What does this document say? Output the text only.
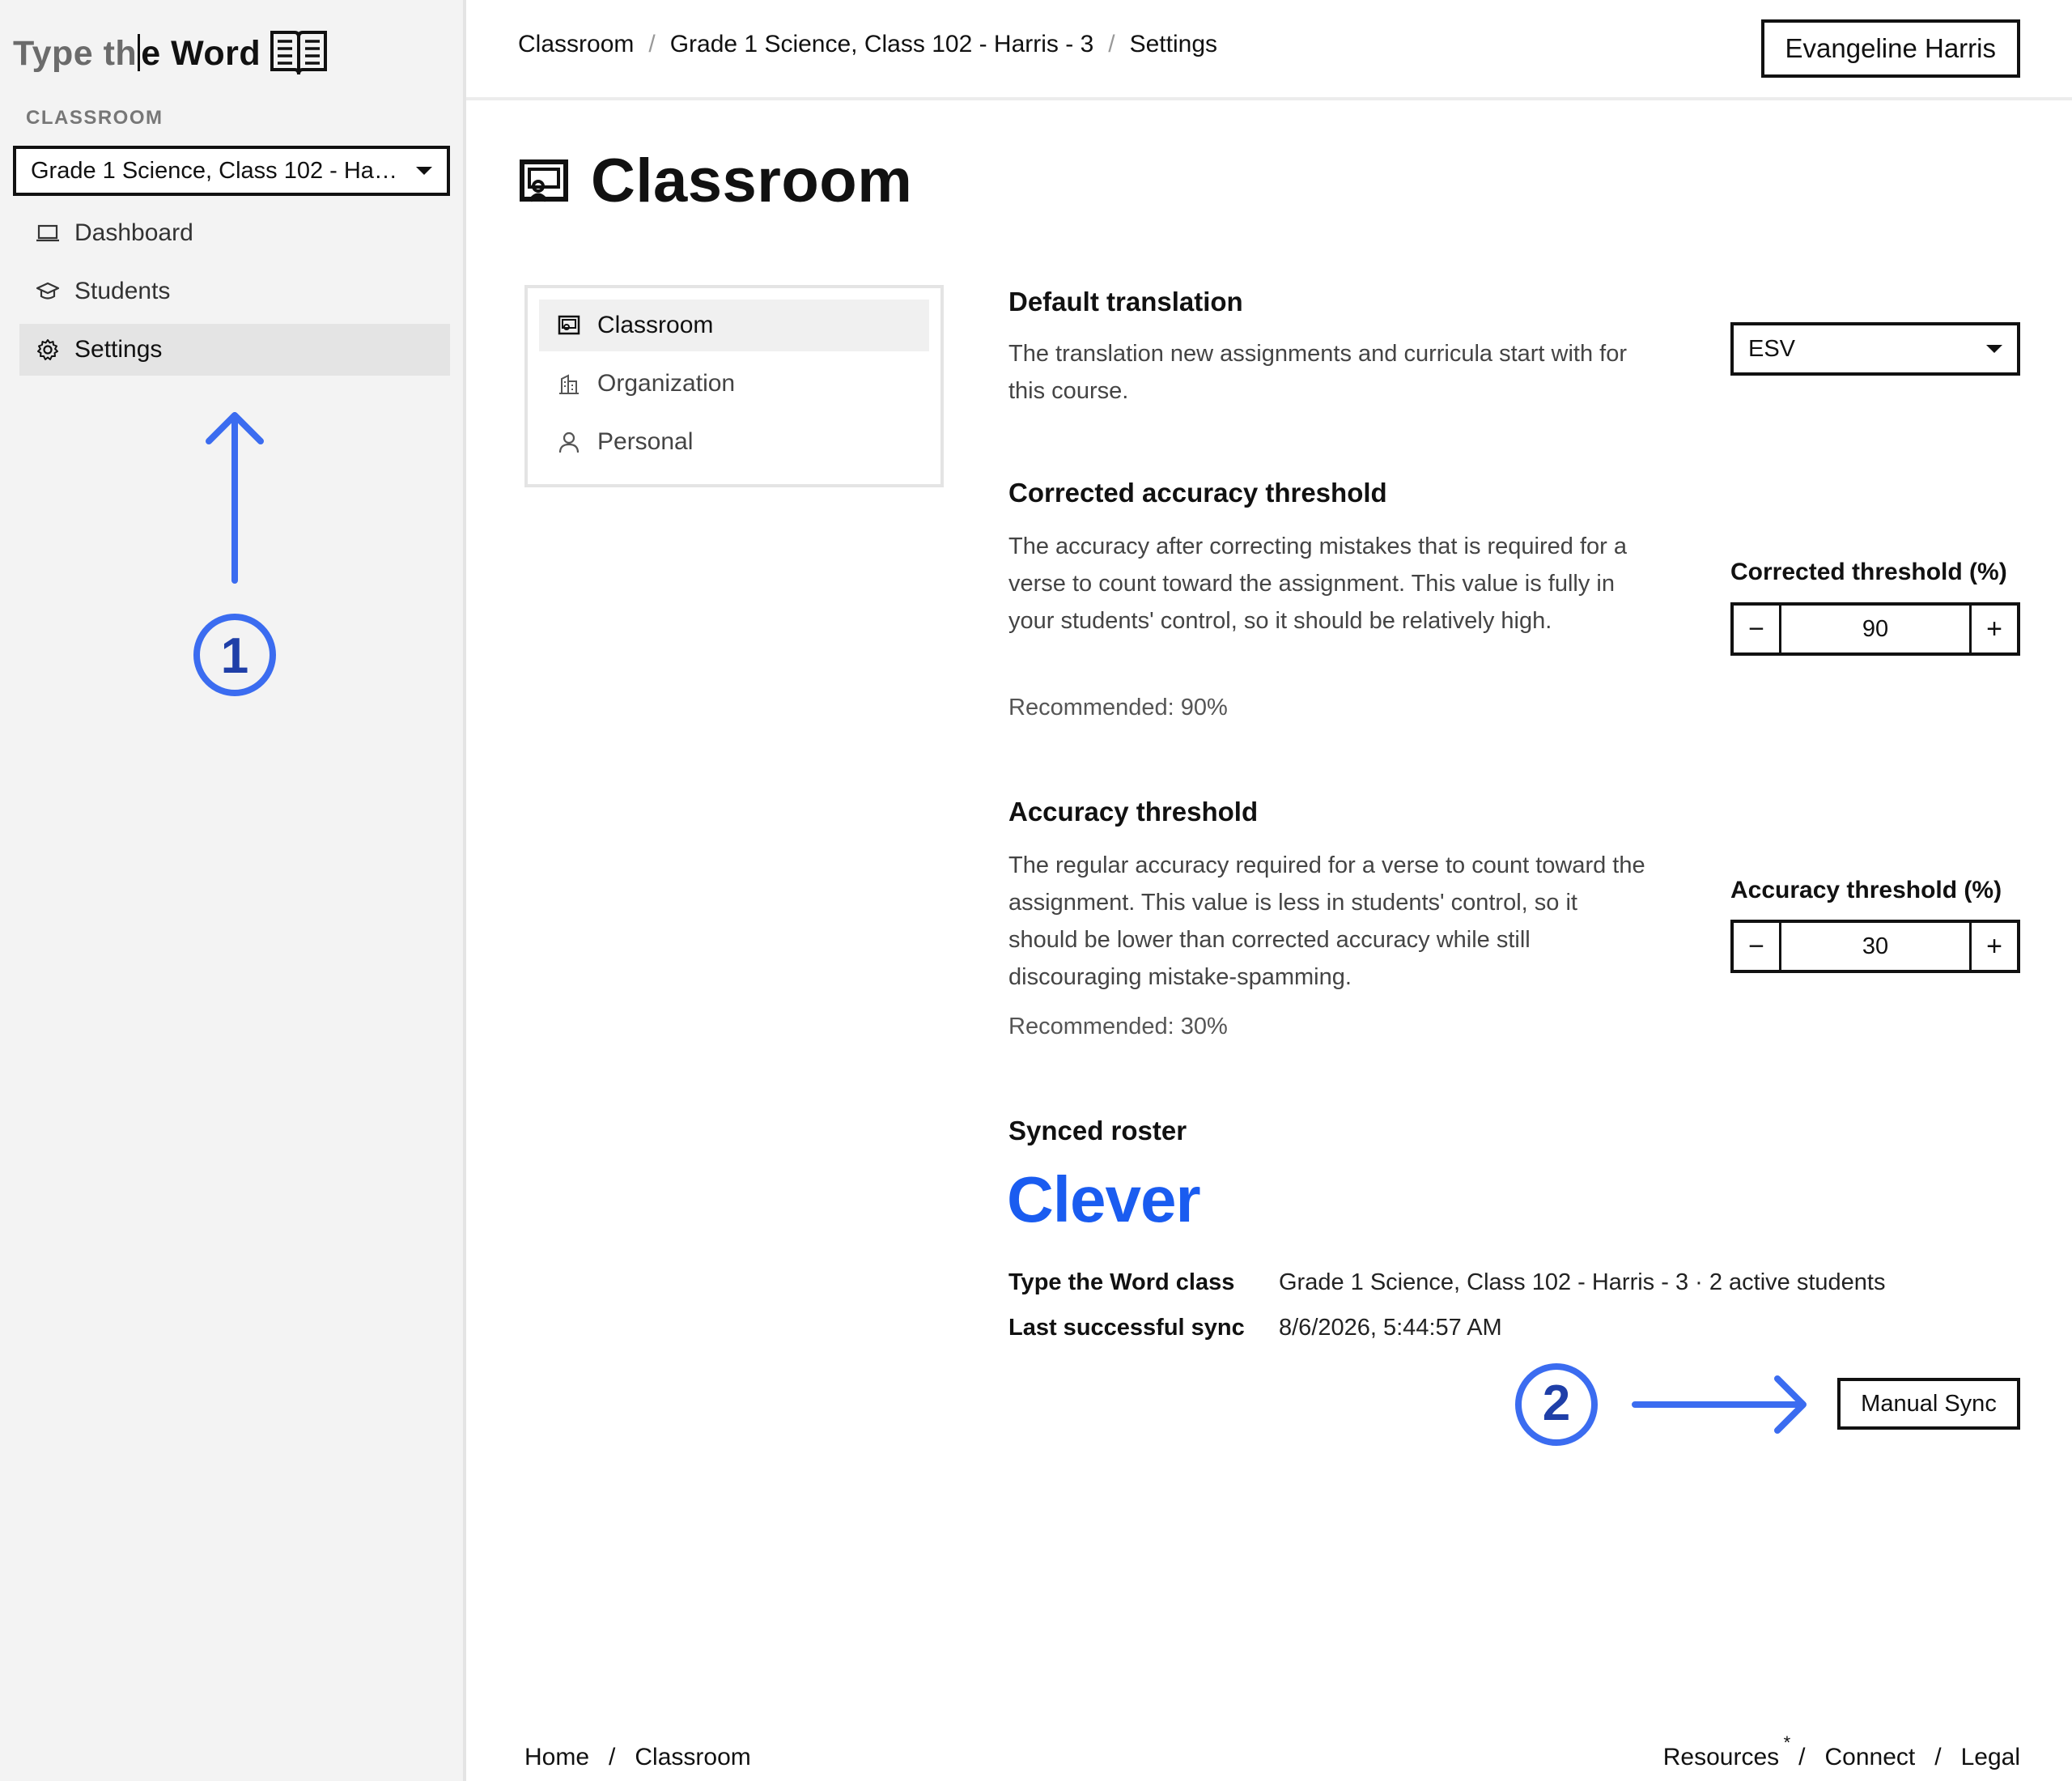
Type th e Word
CLASSROOM
Grade 1 Science, Class 102 - Har...
Dashboard
Students
Settings
1
Classroom / Grade 1 Science, Class 102 - Harris - 3 / Settings	Evangeline Harris
Classroom
Classroom
Organization
Personal
Default translation
The translation new assignments and curricula start with for this course.
ESV
Corrected accuracy threshold
The accuracy after correcting mistakes that is required for a verse to count toward the assignment. This value is fully in your students' control, so it should be relatively high.
Recommended: 90%
Corrected threshold (%)
−	90	+
Accuracy threshold
The regular accuracy required for a verse to count toward the assignment. This value is less in students' control, so it should be lower than corrected accuracy while still discouraging mistake-spamming.
Recommended: 30%
Accuracy threshold (%)
−	30	+
Synced roster
Clever
Type the Word class Grade 1 Science, Class 102 - Harris - 3 · 2 active students
Last successful sync 8/6/2026, 5:44:57 AM
Manual Sync
2
Home / Classroom	Resources
*
/ Connect / Legal
